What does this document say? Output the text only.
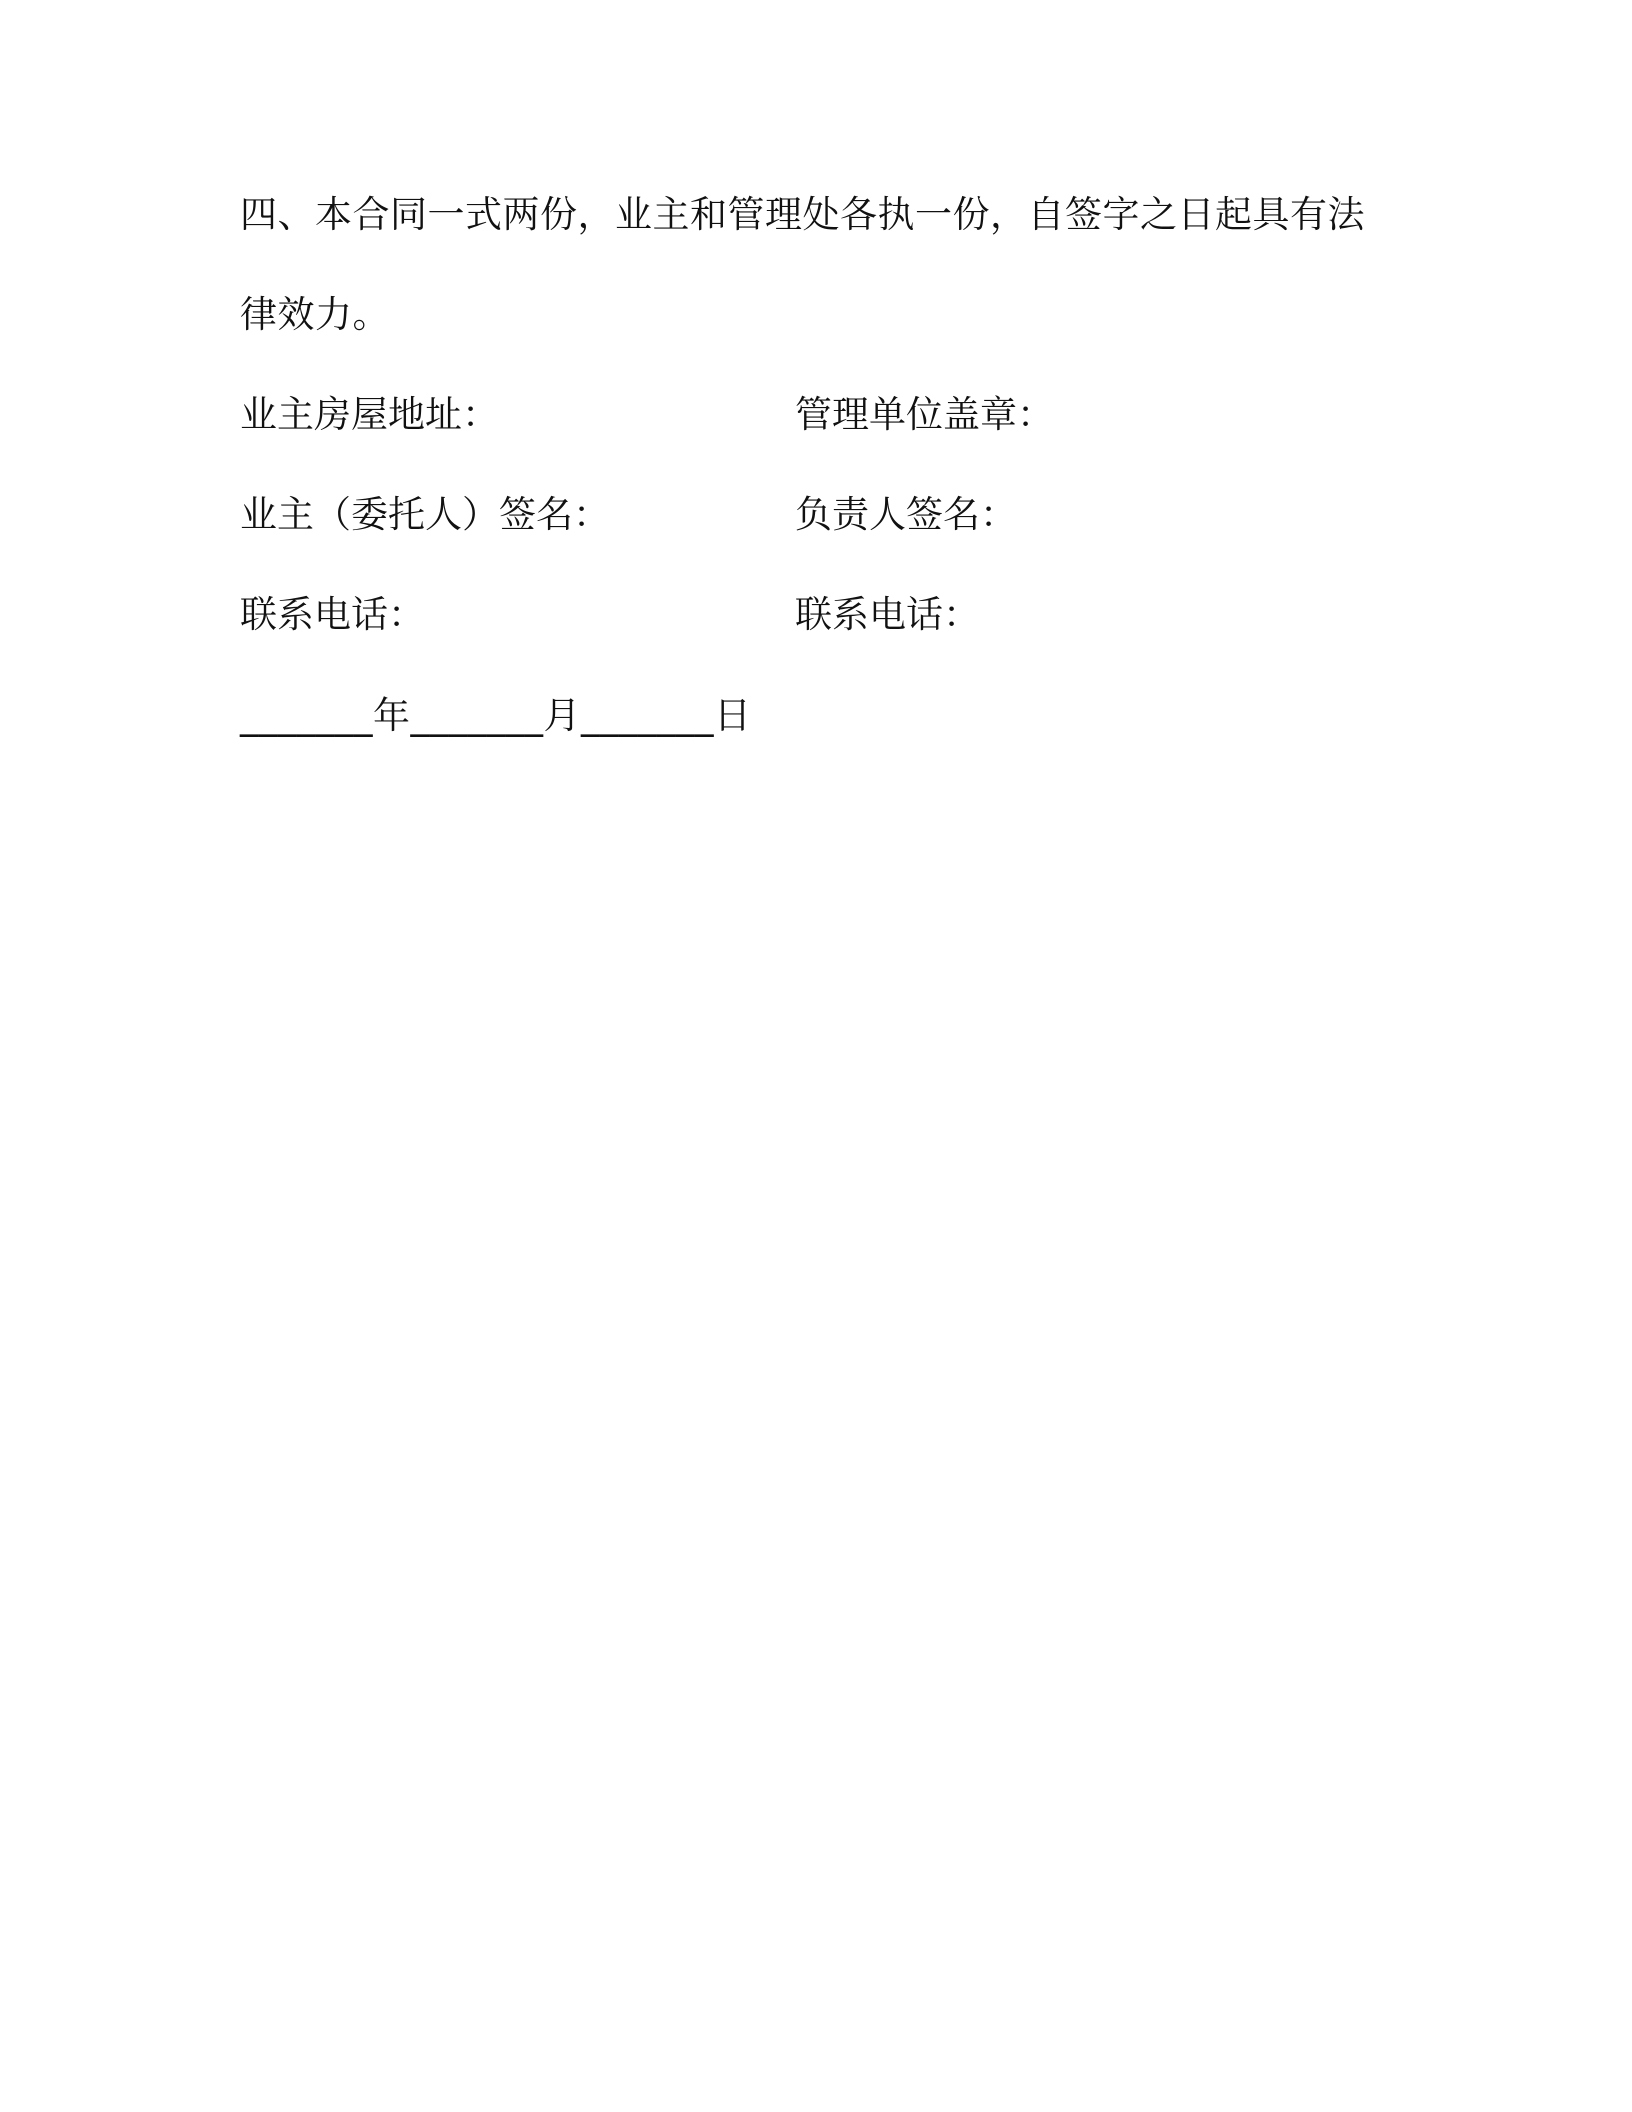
四、本合同一式两份，业主和管理处各执一份，自签字之日起具有法
律效力。
业主房屋地址：	管理单位盖章：
业主（委托人）签名：	负责人签名：
联系电话：	联系电话：
_______年_______月_______日
